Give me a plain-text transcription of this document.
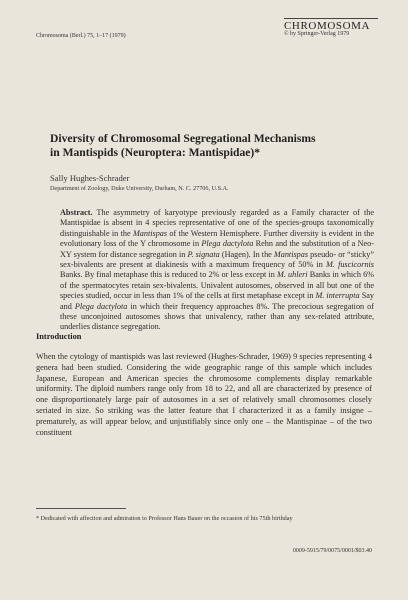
Chromosoma (Berl.) 75, 1–17 (1979)
CHROMOSOMA
© by Springer-Verlag 1979
Diversity of Chromosomal Segregational Mechanisms
in Mantispids (Neuroptera: Mantispidae)*
Sally Hughes-Schrader
Department of Zoology, Duke University, Durham, N. C. 27706, U.S.A.
Abstract. The asymmetry of karyotype previously regarded as a Family character of the Mantispidae is absent in 4 species representative of one of the species-groups taxonomically distinguishable in the Mantispas of the Western Hemisphere. Further diversity is evident in the evolutionary loss of the Y chromosome in Plega dactylota Rehn and the substitution of a Neo-XY system for distance segregation in P. signata (Hagen). In the Mantispas pseudo- or “sticky” sex-bivalents are present at diakinesis with a maximum frequency of 50% in M. fuscicornis Banks. By final metaphase this is reduced to 2% or less except in M. uhleri Banks in which 6% of the spermatocytes retain sex-bivalents. Univalent autosomes, observed in all but one of the species studied, occur in less than 1% of the cells at first metaphase except in M. interrupta Say and Plega dactylota in which their frequency approaches 8%. The precocious segregation of these unconjoined autosomes shows that univalency, rather than any sex-related attribute, underlies distance segregation.
Introduction
When the cytology of mantispids was last reviewed (Hughes-Schrader, 1969) 9 species representing 4 genera had been studied. Considering the wide geographic range of this sample which includes Japanese, European and American species the chromosome complements display remarkable uniformity. The diploid numbers range only from 18 to 22, and all are characterized by presence of one disproportionately large pair of autosomes in a set of relatively small chromosomes closely seriated in size. So striking was the latter feature that I characterized it as a family insigne – prematurely, as will appear below, and unjustifiably since only one – the Mantispinae – of the two constituent
* Dedicated with affection and admiration to Professor Hans Bauer on the occasion of his 75th birthday
0009-5915/79/0075/0001/$03.40
